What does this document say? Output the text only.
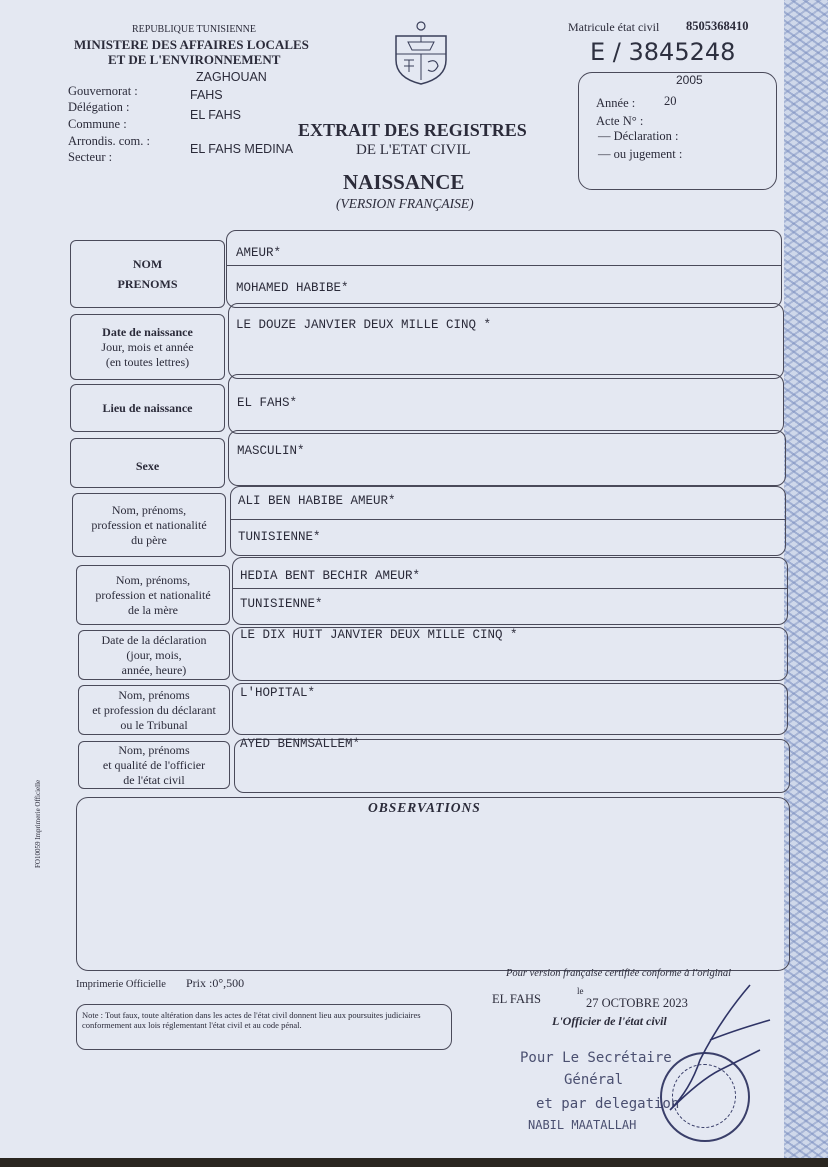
REPUBLIQUE TUNISIENNE
MINISTERE DES AFFAIRES LOCALES
ET DE L'ENVIRONNEMENT
ZAGHOUAN
Gouvernorat :	FAHS
Délégation :
EL FAHS
Commune :
Arrondis. com. :
EL FAHS MEDINA
Secteur :
Matricule état civil 8505368410
E / 3845248
2005
Année : 20
Acte N° :
— Déclaration :
— ou jugement :
EXTRAIT DES REGISTRES
DE L'ETAT CIVIL
NAISSANCE
(VERSION FRANÇAISE)
NOM
PRENOMS
AMEUR*
MOHAMED HABIBE*
Date de naissance
Jour, mois et année
(en toutes lettres)
LE DOUZE JANVIER DEUX MILLE CINQ *
Lieu de naissance	EL FAHS*
Sexe
MASCULIN*
Nom, prénoms,
profession et nationalité
du père
ALI BEN HABIBE AMEUR*
TUNISIENNE*
Nom, prénoms,
profession et nationalité
de la mère
HEDIA BENT BECHIR AMEUR*
TUNISIENNE*
Date de la déclaration
(jour, mois,
année, heure)
LE DIX HUIT JANVIER DEUX MILLE CINQ *
Nom, prénoms
et profession du déclarant
ou le Tribunal
L'HOPITAL*
Nom, prénoms
et qualité de l'officier
de l'état civil
AYED BENMSALLEM*
OBSERVATIONS
FO10059 Imprimerie Officielle
Imprimerie Officielle Prix :0°,500
Note : Tout faux, toute altération dans les actes de l'état civil donnent lieu aux poursuites judiciaires conformement aux lois réglementant l'état civil et au code pénal.
Pour version française certifiée conforme à l'original
EL FAHS
le
27 OCTOBRE 2023
L'Officier de l'état civil
Pour Le Secrétaire
Général
et par delegation
NABIL MAATALLAH
